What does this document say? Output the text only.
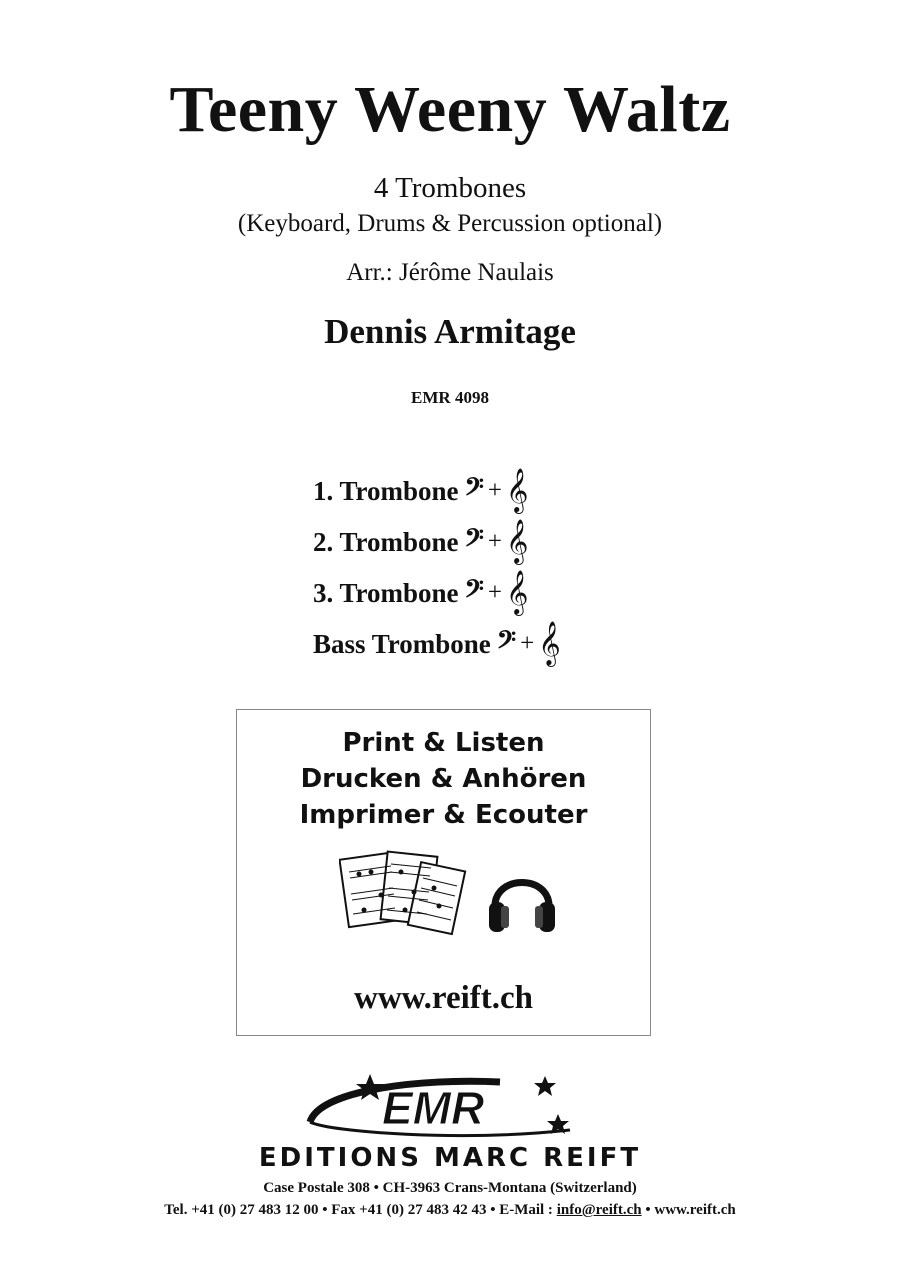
Teeny Weeny Waltz
4 Trombones
(Keyboard, Drums & Percussion optional)
Arr.: Jérôme Naulais
Dennis Armitage
EMR 4098
1. Trombone 𝄢 + 𝄞
2. Trombone 𝄢 + 𝄞
3. Trombone 𝄢 + 𝄞
Bass Trombone 𝄢 + 𝄞
Print & Listen
Drucken & Anhören
Imprimer & Ecouter
www.reift.ch
EMR
EDITIONS MARC REIFT
Case Postale 308 • CH-3963 Crans-Montana (Switzerland)
Tel. +41 (0) 27 483 12 00 • Fax +41 (0) 27 483 42 43 • E-Mail : info@reift.ch • www.reift.ch
